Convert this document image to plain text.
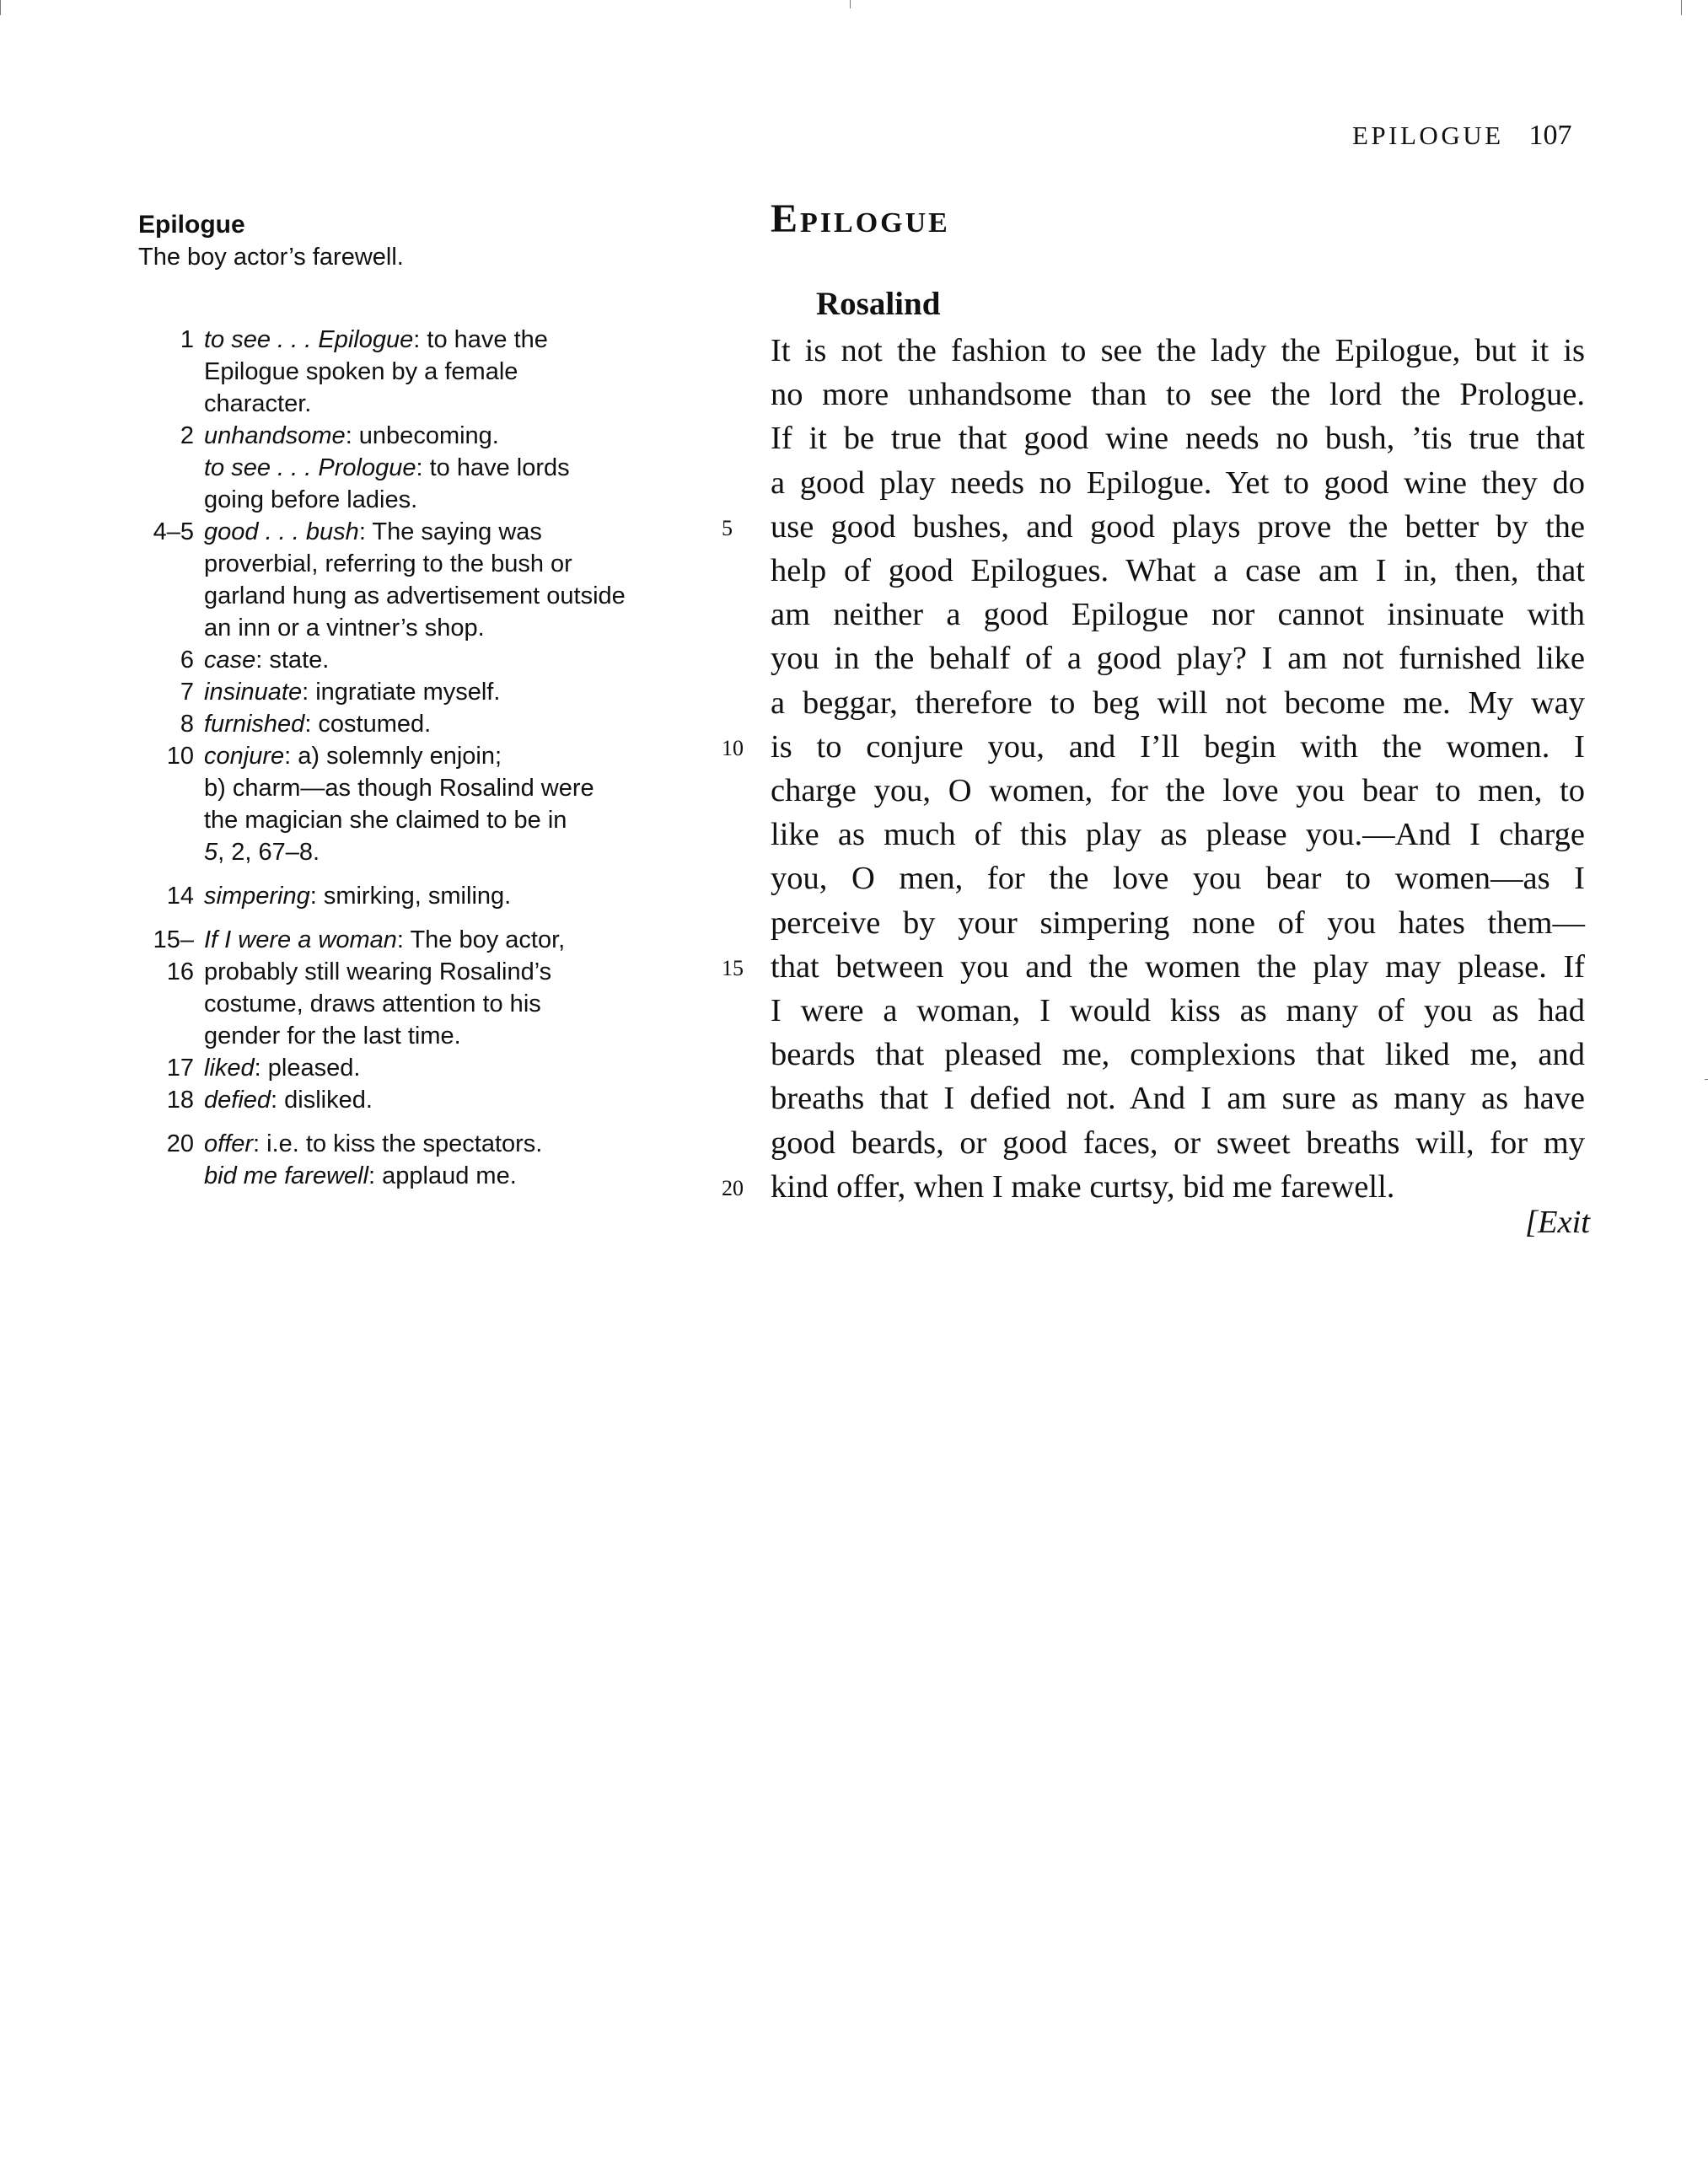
EPILOGUE 107
Epilogue
The boy actor’s farewell.
1 to see . . . Epilogue: to have the
Epilogue spoken by a female
character.
2 unhandsome: unbecoming.
to see . . . Prologue: to have lords
going before ladies.
4–5 good . . . bush: The saying was
proverbial, referring to the bush or
garland hung as advertisement outside
an inn or a vintner’s shop.
6 case: state.
7 insinuate: ingratiate myself.
8 furnished: costumed.
10 conjure: a) solemnly enjoin;
b) charm—as though Rosalind were
the magician she claimed to be in
5, 2, 67–8.
14 simpering: smirking, smiling.
15–16
If I were a woman: The boy actor,
probably still wearing Rosalind’s
costume, draws attention to his
gender for the last time.
17 liked: pleased.
18 defied: disliked.
20 offer: i.e. to kiss the spectators.
bid me farewell: applaud me.
EPILOGUE
Rosalind
It is not the fashion to see the lady the Epilogue, but it is
no more unhandsome than to see the lord the Prologue.
If it be true that good wine needs no bush, ’tis true that
a good play needs no Epilogue. Yet to good wine they do
use good bushes, and good plays prove the better by the
5
help of good Epilogues. What a case am I in, then, that
am neither a good Epilogue nor cannot insinuate with
you in the behalf of a good play? I am not furnished like
a beggar, therefore to beg will not become me. My way
is to conjure you, and I’ll begin with the women. I
10
charge you, O women, for the love you bear to men, to
like as much of this play as please you.—And I charge
you, O men, for the love you bear to women—as I
perceive by your simpering none of you hates them—
that between you and the women the play may please. If
15
I were a woman, I would kiss as many of you as had
beards that pleased me, complexions that liked me, and
breaths that I defied not. And I am sure as many as have
good beards, or good faces, or sweet breaths will, for my
kind offer, when I make curtsy, bid me farewell.
20
[Exit
